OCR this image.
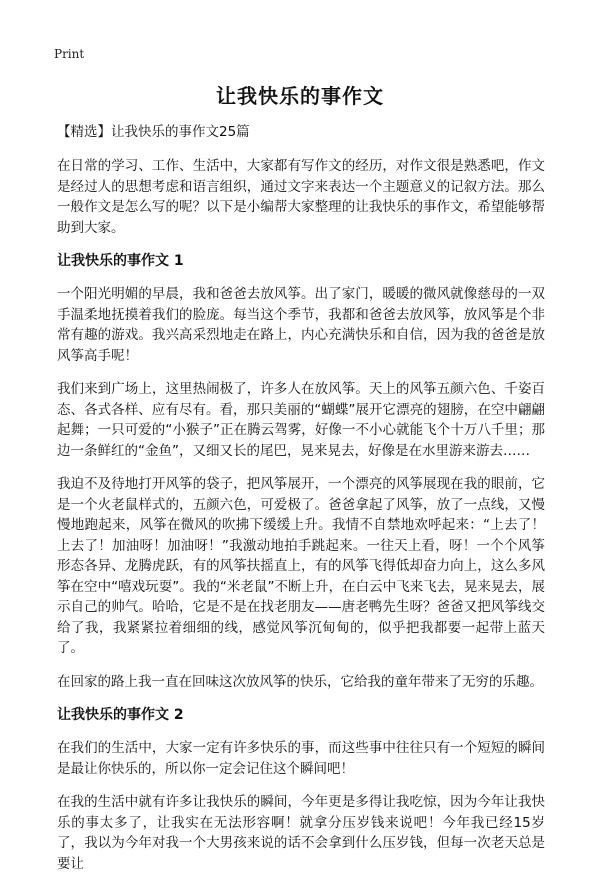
Print
让我快乐的事作文
【精选】让我快乐的事作文25篇

在日常的学习、工作、生活中，大家都有写作文的经历，对作文很是熟悉吧，作文是经过人的思想考虑和语言组织，通过文字来表达一个主题意义的记叙方法。那么一般作文是怎么写的呢？以下是小编帮大家整理的让我快乐的事作文，希望能够帮助到大家。

让我快乐的事作文 1

一个阳光明媚的早晨，我和爸爸去放风筝。出了家门，暖暖的微风就像慈母的一双手温柔地抚摸着我们的脸庞。每当这个季节，我都和爸爸去放风筝，放风筝是个非常有趣的游戏。我兴高采烈地走在路上，内心充满快乐和自信，因为我的爸爸是放风筝高手呢！

我们来到广场上，这里热闹极了，许多人在放风筝。天上的风筝五颜六色、千姿百态、各式各样、应有尽有。看，那只美丽的“蝴蝶”展开它漂亮的翅膀，在空中翩翩起舞；一只可爱的“小猴子”正在腾云驾雾，好像一不小心就能飞个十万八千里；那边一条鲜红的“金鱼”，又细又长的尾巴，晃来晃去，好像是在水里游来游去……

我迫不及待地打开风筝的袋子，把风筝展开，一个漂亮的风筝展现在我的眼前，它是一个火老鼠样式的，五颜六色，可爱极了。爸爸拿起了风筝，放了一点线，又慢慢地跑起来，风筝在微风的吹拂下缓缓上升。我情不自禁地欢呼起来：“上去了！上去了！加油呀！加油呀！”我激动地拍手跳起来。一往天上看，呀！一个个风筝形态各异、龙腾虎跃，有的风筝扶摇直上，有的风筝飞得低却奋力向上，这么多风筝在空中“嘻戏玩耍”。我的“米老鼠”不断上升，在白云中飞来飞去，晃来晃去，展示自己的帅气。哈哈，它是不是在找老朋友——唐老鸭先生呀？爸爸又把风筝线交给了我，我紧紧拉着细细的线，感觉风筝沉甸甸的，似乎把我都要一起带上蓝天了。

在回家的路上我一直在回味这次放风筝的快乐，它给我的童年带来了无穷的乐趣。

让我快乐的事作文 2

在我们的生活中，大家一定有许多快乐的事，而这些事中往往只有一个短短的瞬间是最让你快乐的，所以你一定会记住这个瞬间吧！

在我的生活中就有许多让我快乐的瞬间，今年更是多得让我吃惊，因为今年让我快乐的事太多了，让我实在无法形容啊！就拿分压岁钱来说吧！今年我已经15岁了，我以为今年对我一个大男孩来说的话不会拿到什么压岁钱，但每一次老天总是要让
